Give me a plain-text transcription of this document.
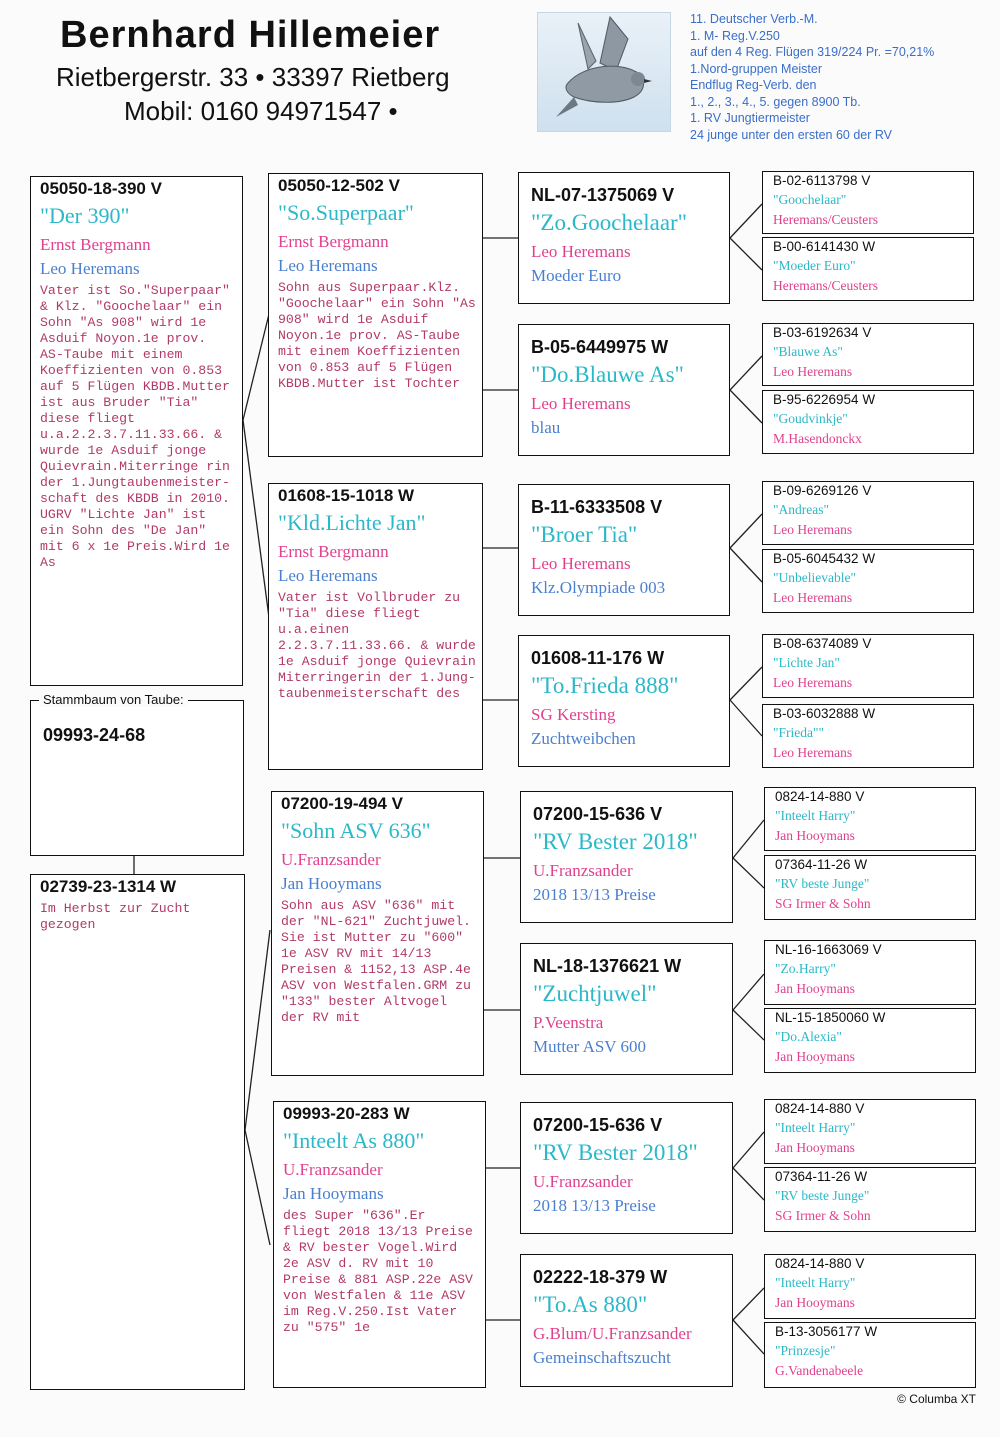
Bernhard Hillemeier
Rietbergerstr. 33 • 33397 Rietberg
Mobil: 0160 94971547 •
11. Deutscher Verb.-M.
1. M- Reg.V.250
auf den 4 Reg. Flügen 319/224 Pr. =70,21%
1.Nord-gruppen Meister
Endflug Reg-Verb. den
1., 2., 3., 4., 5. gegen 8900 Tb.
1. RV Jungtiermeister
24 junge unter den ersten 60 der RV
05050-18-390 V
"Der 390"
Ernst Bergmann
Leo Heremans
Vater ist So."Superpaar" & Klz. "Goochelaar" ein Sohn "As 908" wird 1e Asduif Noyon.1e prov. AS-Taube mit einem Koeffizienten von 0.853 auf 5 Flügen KBDB.Mutter ist aus Bruder "Tia" diese fliegt u.a.2.2.3.7.11.33.66. & wurde 1e Asduif jonge Quievrain.Miterringe rin der 1.Jungtaubenmeister-schaft des KBDB in 2010. UGRV "Lichte Jan" ist ein Sohn des "De Jan" mit 6 x 1e Preis.Wird 1e As
Stammbaum von Taube:
09993-24-68
02739-23-1314 W
Im Herbst zur Zucht gezogen
05050-12-502 V
"So.Superpaar"
Ernst Bergmann
Leo Heremans
Sohn aus Superpaar.Klz. "Goochelaar" ein Sohn "As 908" wird 1e Asduif Noyon.1e prov. AS-Taube mit einem Koeffizienten von 0.853 auf 5 Flügen KBDB.Mutter ist Tochter
01608-15-1018 W
"Kld.Lichte Jan"
Ernst Bergmann
Leo Heremans
Vater ist Vollbruder zu "Tia" diese fliegt u.a.einen 2.2.3.7.11.33.66. & wurde 1e Asduif jonge Quievrain Miterringerin der 1.Jung-taubenmeisterschaft des
07200-19-494 V
"Sohn ASV 636"
U.Franzsander
Jan Hooymans
Sohn aus ASV "636" mit der "NL-621" Zuchtjuwel. Sie ist Mutter zu "600" 1e ASV RV mit 14/13 Preisen & 1152,13 ASP.4e ASV von Westfalen.GRM zu "133" bester Altvogel der RV mit
09993-20-283 W
"Inteelt As 880"
U.Franzsander
Jan Hooymans
des Super "636".Er fliegt 2018 13/13 Preise & RV bester Vogel.Wird 2e ASV d. RV mit 10 Preise & 881 ASP.22e ASV von Westfalen & 11e ASV im Reg.V.250.Ist Vater zu "575" 1e
NL-07-1375069 V
"Zo.Goochelaar"
Leo Heremans
Moeder Euro
B-05-6449975 W
"Do.Blauwe As"
Leo Heremans
blau
B-11-6333508 V
"Broer Tia"
Leo Heremans
Klz.Olympiade 003
01608-11-176 W
"To.Frieda 888"
SG Kersting
Zuchtweibchen
07200-15-636 V
"RV Bester 2018"
U.Franzsander
2018 13/13 Preise
NL-18-1376621 W
"Zuchtjuwel"
P.Veenstra
Mutter ASV 600
07200-15-636 V
"RV Bester 2018"
U.Franzsander
2018 13/13 Preise
02222-18-379 W
"To.As 880"
G.Blum/U.Franzsander
Gemeinschaftszucht
B-02-6113798 V
"Goochelaar"
Heremans/Ceusters
B-00-6141430 W
"Moeder Euro"
Heremans/Ceusters
B-03-6192634 V
"Blauwe As"
Leo Heremans
B-95-6226954 W
"Goudvinkje"
M.Hasendonckx
B-09-6269126 V
"Andreas"
Leo Heremans
B-05-6045432 W
"Unbelievable"
Leo Heremans
B-08-6374089 V
"Lichte Jan"
Leo Heremans
B-03-6032888 W
"Frieda""
Leo Heremans
0824-14-880 V
"Inteelt Harry"
Jan Hooymans
07364-11-26 W
"RV beste Junge"
SG Irmer & Sohn
NL-16-1663069 V
"Zo.Harry"
Jan Hooymans
NL-15-1850060 W
"Do.Alexia"
Jan Hooymans
0824-14-880 V
"Inteelt Harry"
Jan Hooymans
07364-11-26 W
"RV beste Junge"
SG Irmer & Sohn
0824-14-880 V
"Inteelt Harry"
Jan Hooymans
B-13-3056177 W
"Prinzesje"
G.Vandenabeele
© Columba XT
